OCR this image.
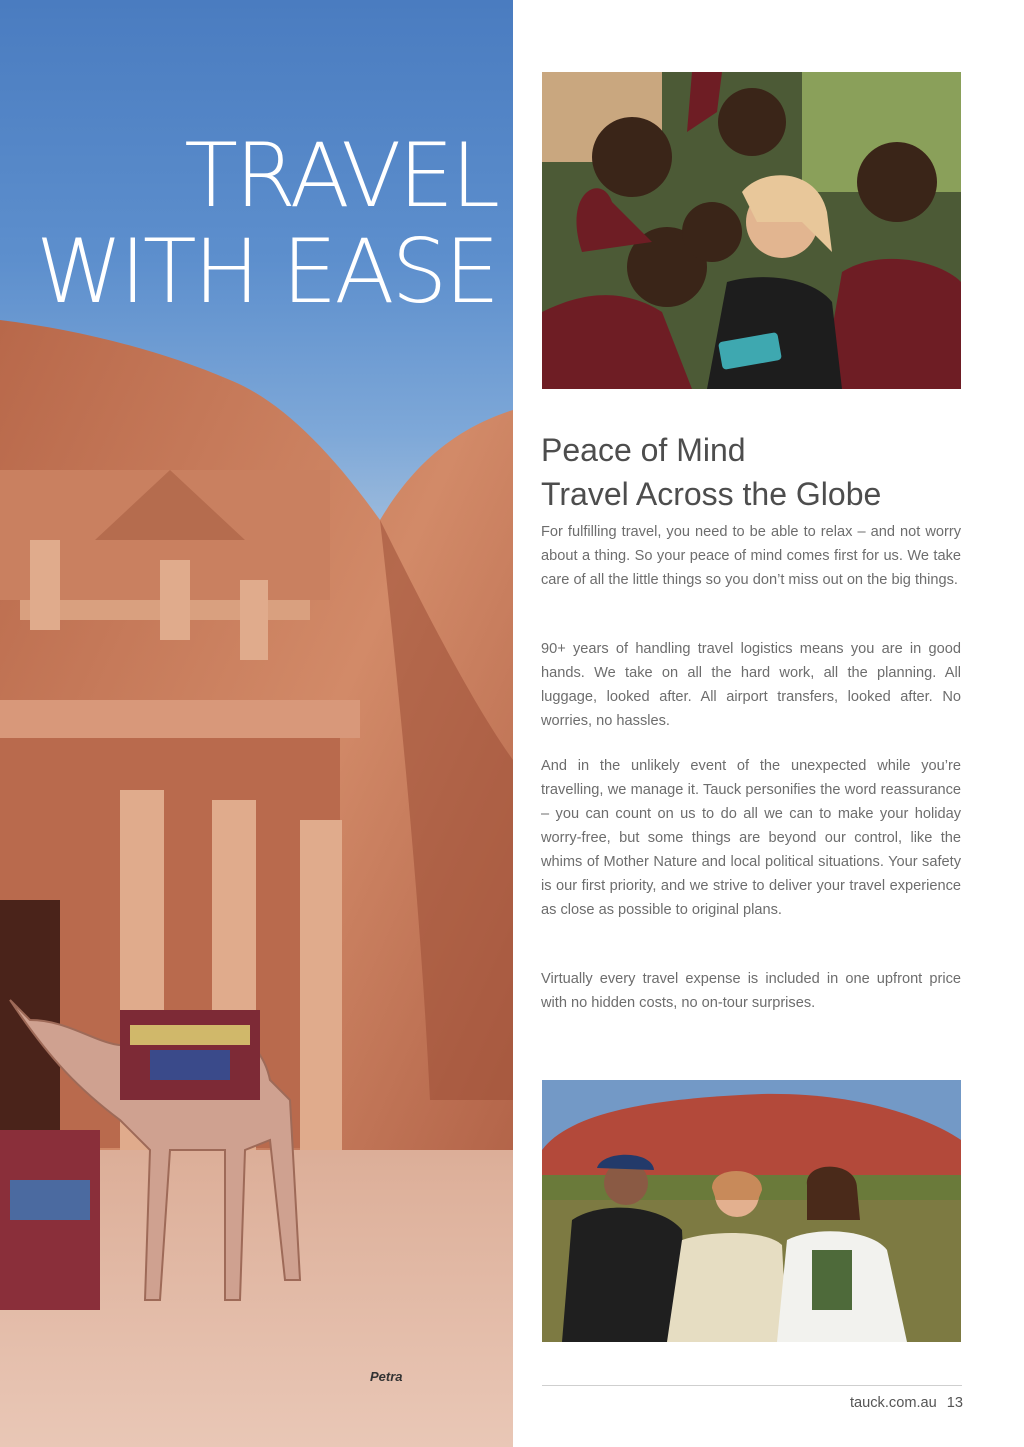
TRAVEL
WITH EASE
Petra
Peace of Mind
Travel Across the Globe

For fulfilling travel, you need to be able to relax – and not worry about a thing. So your peace of mind comes first for us. We take care of all the little things so you don’t miss out on the big things.

90+ years of handling travel logistics means you are in good hands. We take on all the hard work, all the planning. All luggage, looked after. All airport transfers, looked after. No worries, no hassles.

And in the unlikely event of the unexpected while you’re travelling, we manage it. Tauck personifies the word reassurance – you can count on us to do all we can to make your holiday worry-free, but some things are beyond our control, like the whims of Mother Nature and local political situations. Your safety is our first priority, and we strive to deliver your travel experience as close as possible to original plans.

Virtually every travel expense is included in one upfront price with no hidden costs, no on-tour surprises.

tauck.com.au 13
